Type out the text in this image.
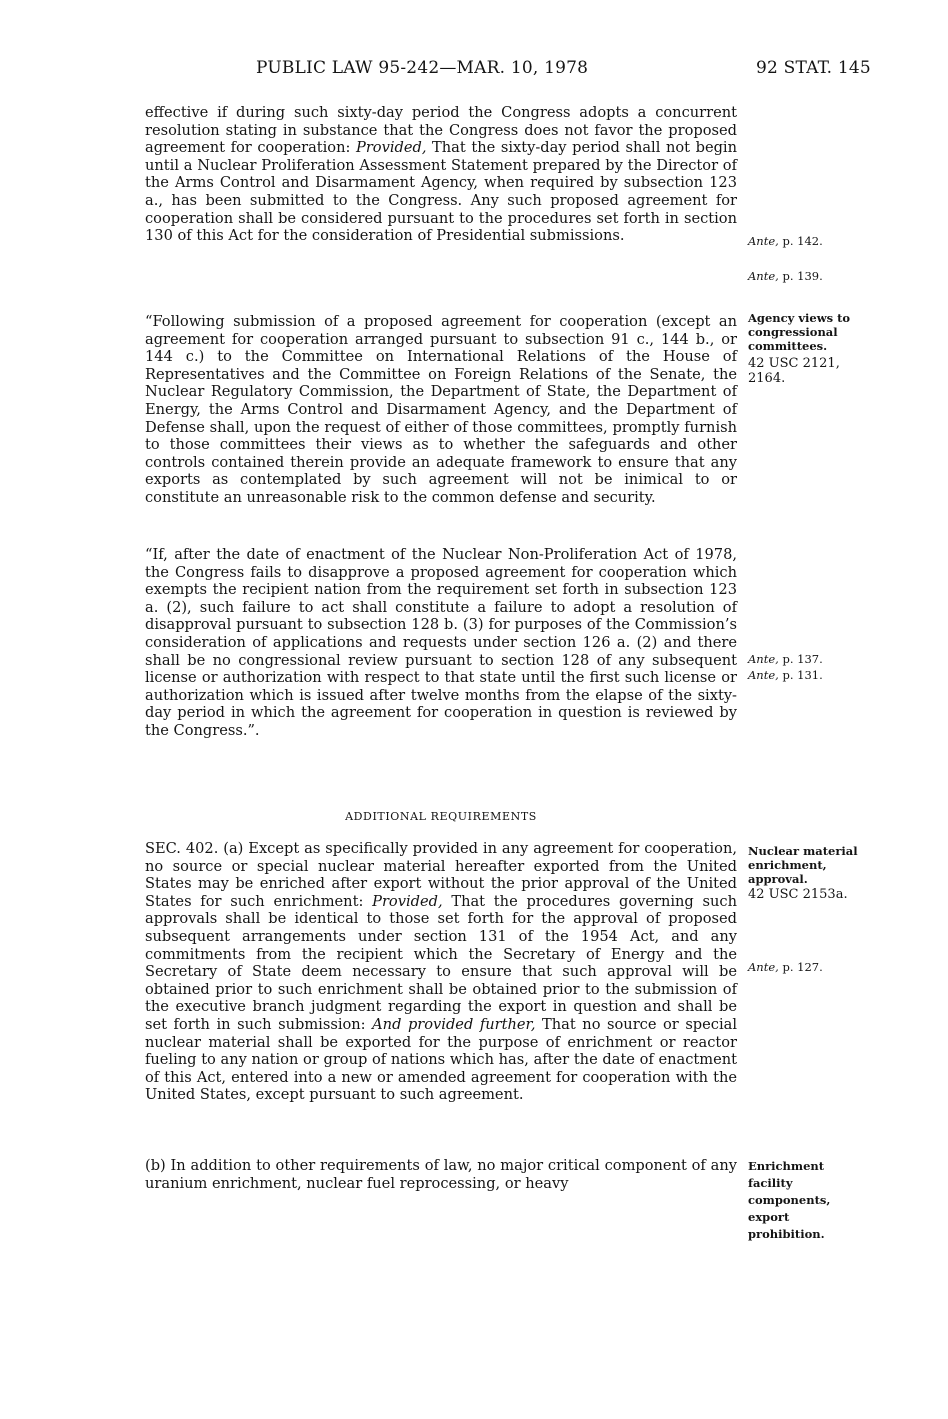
PUBLIC LAW 95-242—MAR. 10, 1978	92 STAT. 145

effective if during such sixty-day period the Congress adopts a concurrent resolution stating in substance that the Congress does not favor the proposed agreement for cooperation: Provided, That the sixty-day period shall not begin until a Nuclear Proliferation Assessment Statement prepared by the Director of the Arms Control and Disarmament Agency, when required by subsection 123 a., has been submitted to the Congress. Any such proposed agreement for cooperation shall be considered pursuant to the procedures set forth in section 130 of this Act for the consideration of Presidential submissions.

“Following submission of a proposed agreement for cooperation (except an agreement for cooperation arranged pursuant to subsection 91 c., 144 b., or 144 c.) to the Committee on International Relations of the House of Representatives and the Committee on Foreign Relations of the Senate, the Nuclear Regulatory Commission, the Department of State, the Department of Energy, the Arms Control and Disarmament Agency, and the Department of Defense shall, upon the request of either of those committees, promptly furnish to those committees their views as to whether the safeguards and other controls contained therein provide an adequate framework to ensure that any exports as contemplated by such agreement will not be inimical to or constitute an unreasonable risk to the common defense and security.

“If, after the date of enactment of the Nuclear Non-Proliferation Act of 1978, the Congress fails to disapprove a proposed agreement for cooperation which exempts the recipient nation from the requirement set forth in subsection 123 a. (2), such failure to act shall constitute a failure to adopt a resolution of disapproval pursuant to subsection 128 b. (3) for purposes of the Commission’s consideration of applications and requests under section 126 a. (2) and there shall be no congressional review pursuant to section 128 of any subsequent license or authorization with respect to that state until the first such license or authorization which is issued after twelve months from the elapse of the sixty-day period in which the agreement for cooperation in question is reviewed by the Congress.”.

ADDITIONAL REQUIREMENTS

SEC. 402. (a) Except as specifically provided in any agreement for cooperation, no source or special nuclear material hereafter exported from the United States may be enriched after export without the prior approval of the United States for such enrichment: Provided, That the procedures governing such approvals shall be identical to those set forth for the approval of proposed subsequent arrangements under section 131 of the 1954 Act, and any commitments from the recipient which the Secretary of Energy and the Secretary of State deem necessary to ensure that such approval will be obtained prior to such enrichment shall be obtained prior to the submission of the executive branch judgment regarding the export in question and shall be set forth in such submission: And provided further, That no source or special nuclear material shall be exported for the purpose of enrichment or reactor fueling to any nation or group of nations which has, after the date of enactment of this Act, entered into a new or amended agreement for cooperation with the United States, except pursuant to such agreement.

(b) In addition to other requirements of law, no major critical component of any uranium enrichment, nuclear fuel reprocessing, or heavy

Ante, p. 142.
Ante, p. 139.
Agency views to
congressional
committees.
42 USC 2121,
2164.
Ante, p. 137.
Ante, p. 131.
Nuclear material
enrichment,
approval.
42 USC 2153a.
Ante, p. 127.
Enrichment
facility
components,
export
prohibition.
